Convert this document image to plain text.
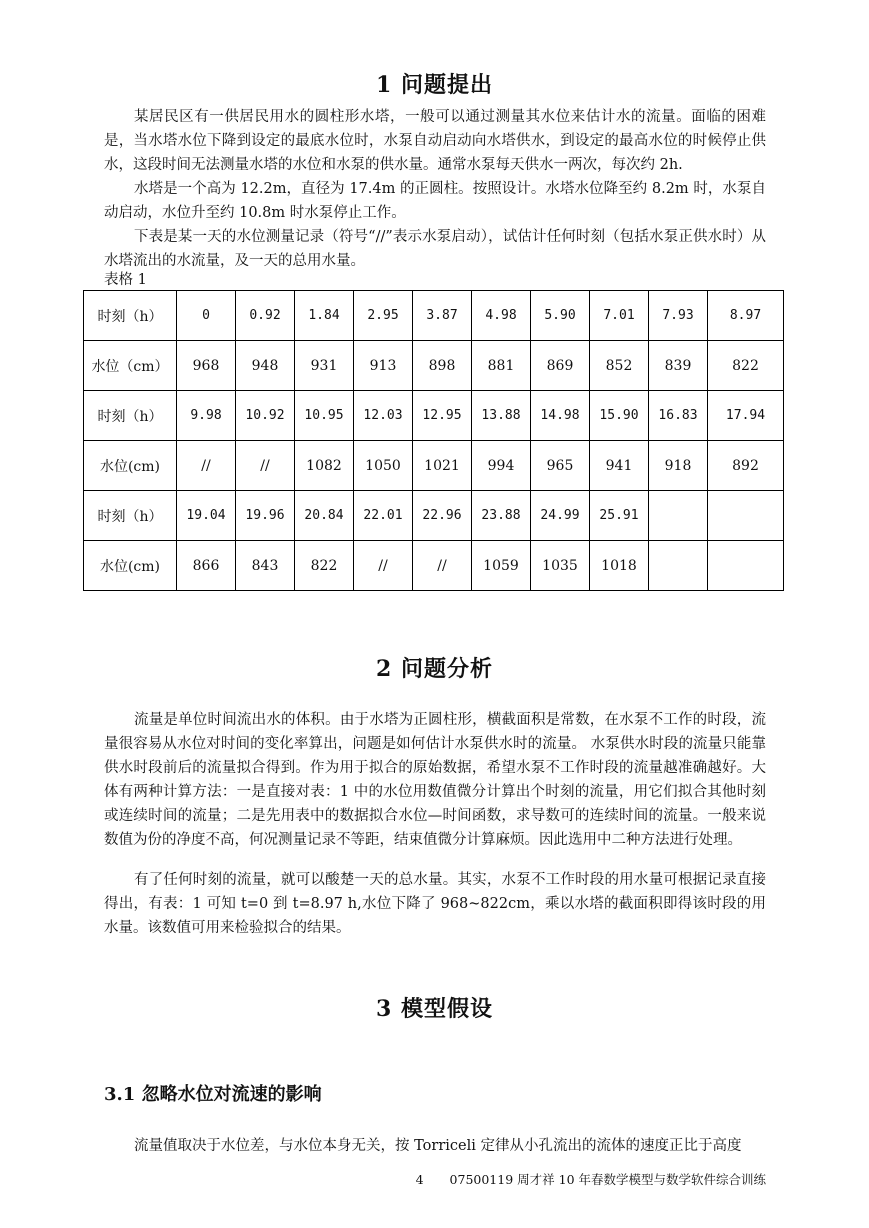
1 问题提出

某居民区有一供居民用水的圆柱形水塔，一般可以通过测量其水位来估计水的流量。面临的困难是，当水塔水位下降到设定的最底水位时，水泵自动启动向水塔供水，到设定的最高水位的时候停止供水，这段时间无法测量水塔的水位和水泵的供水量。通常水泵每天供水一两次，每次约 2h.

水塔是一个高为 12.2m，直径为 17.4m 的正圆柱。按照设计。水塔水位降至约 8.2m 时，水泵自动启动，水位升至约 10.8m 时水泵停止工作。

下表是某一天的水位测量记录（符号“//”表示水泵启动），试估计任何时刻（包括水泵正供水时）从水塔流出的水流量，及一天的总用水量。

表格 1

时刻（h）	0	0.92	1.84	2.95	3.87	4.98	5.90	7.01	7.93	8.97
水位（cm）	968	948	931	913	898	881	869	852	839	822
时刻（h）	9.98	10.92	10.95	12.03	12.95	13.88	14.98	15.90	16.83	17.94
水位(cm)	//	//	1082	1050	1021	994	965	941	918	892
时刻（h）	19.04	19.96	20.84	22.01	22.96	23.88	24.99	25.91		
水位(cm)	866	843	822	//	//	1059	1035	1018		
2 问题分析

流量是单位时间流出水的体积。由于水塔为正圆柱形，横截面积是常数，在水泵不工作的时段，流量很容易从水位对时间的变化率算出，问题是如何估计水泵供水时的流量。 水泵供水时段的流量只能靠供水时段前后的流量拟合得到。作为用于拟合的原始数据，希望水泵不工作时段的流量越准确越好。大体有两种计算方法：一是直接对表：1 中的水位用数值微分计算出个时刻的流量，用它们拟合其他时刻或连续时间的流量；二是先用表中的数据拟合水位—时间函数，求导数可的连续时间的流量。一般来说数值为份的净度不高，何况测量记录不等距，结束值微分计算麻烦。因此选用中二种方法进行处理。

有了任何时刻的流量，就可以酸楚一天的总水量。其实，水泵不工作时段的用水量可根据记录直接得出，有表：1 可知 t=0 到 t=8.97 h,水位下降了 968~822cm，乘以水塔的截面积即得该时段的用水量。该数值可用来检验拟合的结果。

3 模型假设
3.1 忽略水位对流速的影响

流量值取决于水位差，与水位本身无关，按 Torriceli 定律从小孔流出的流体的速度正比于高度

4 07500119 周才祥 10 年春数学模型与数学软件综合训练
